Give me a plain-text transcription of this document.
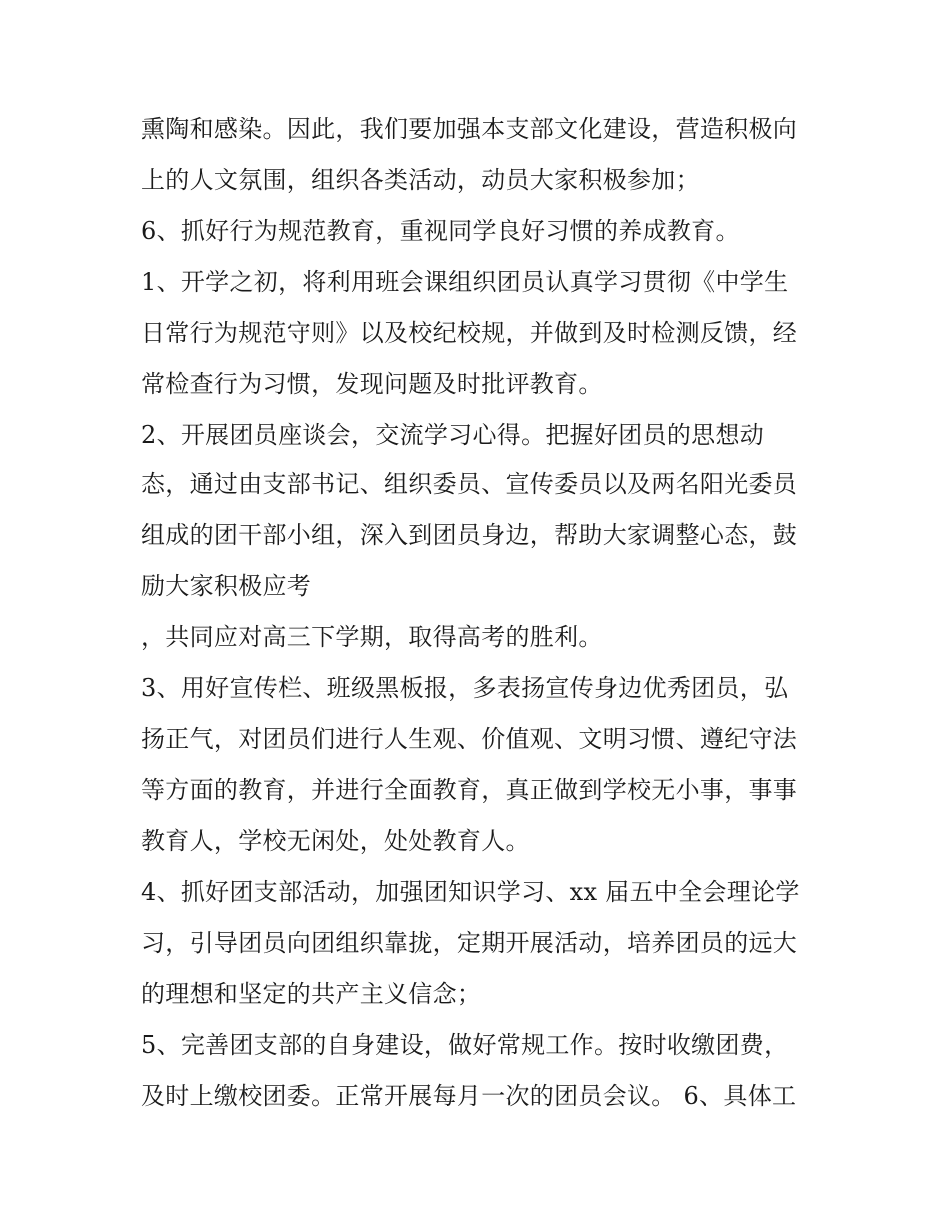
熏陶和感染。因此，我们要加强本支部文化建设，营造积极向
上的人文氛围，组织各类活动，动员大家积极参加；
6、抓好行为规范教育，重视同学良好习惯的养成教育。
1、开学之初，将利用班会课组织团员认真学习贯彻《中学生
日常行为规范守则》以及校纪校规，并做到及时检测反馈，经
常检查行为习惯，发现问题及时批评教育。
2、开展团员座谈会，交流学习心得。把握好团员的思想动
态，通过由支部书记、组织委员、宣传委员以及两名阳光委员
组成的团干部小组，深入到团员身边，帮助大家调整心态，鼓
励大家积极应考
，共同应对高三下学期，取得高考的胜利。
3、用好宣传栏、班级黑板报，多表扬宣传身边优秀团员，弘
扬正气，对团员们进行人生观、价值观、文明习惯、遵纪守法
等方面的教育，并进行全面教育，真正做到学校无小事，事事
教育人，学校无闲处，处处教育人。
4、抓好团支部活动，加强团知识学习、xx 届五中全会理论学
习，引导团员向团组织靠拢，定期开展活动，培养团员的远大
的理想和坚定的共产主义信念；
5、完善团支部的自身建设，做好常规工作。按时收缴团费，
及时上缴校团委。正常开展每月一次的团员会议。 6、具体工
